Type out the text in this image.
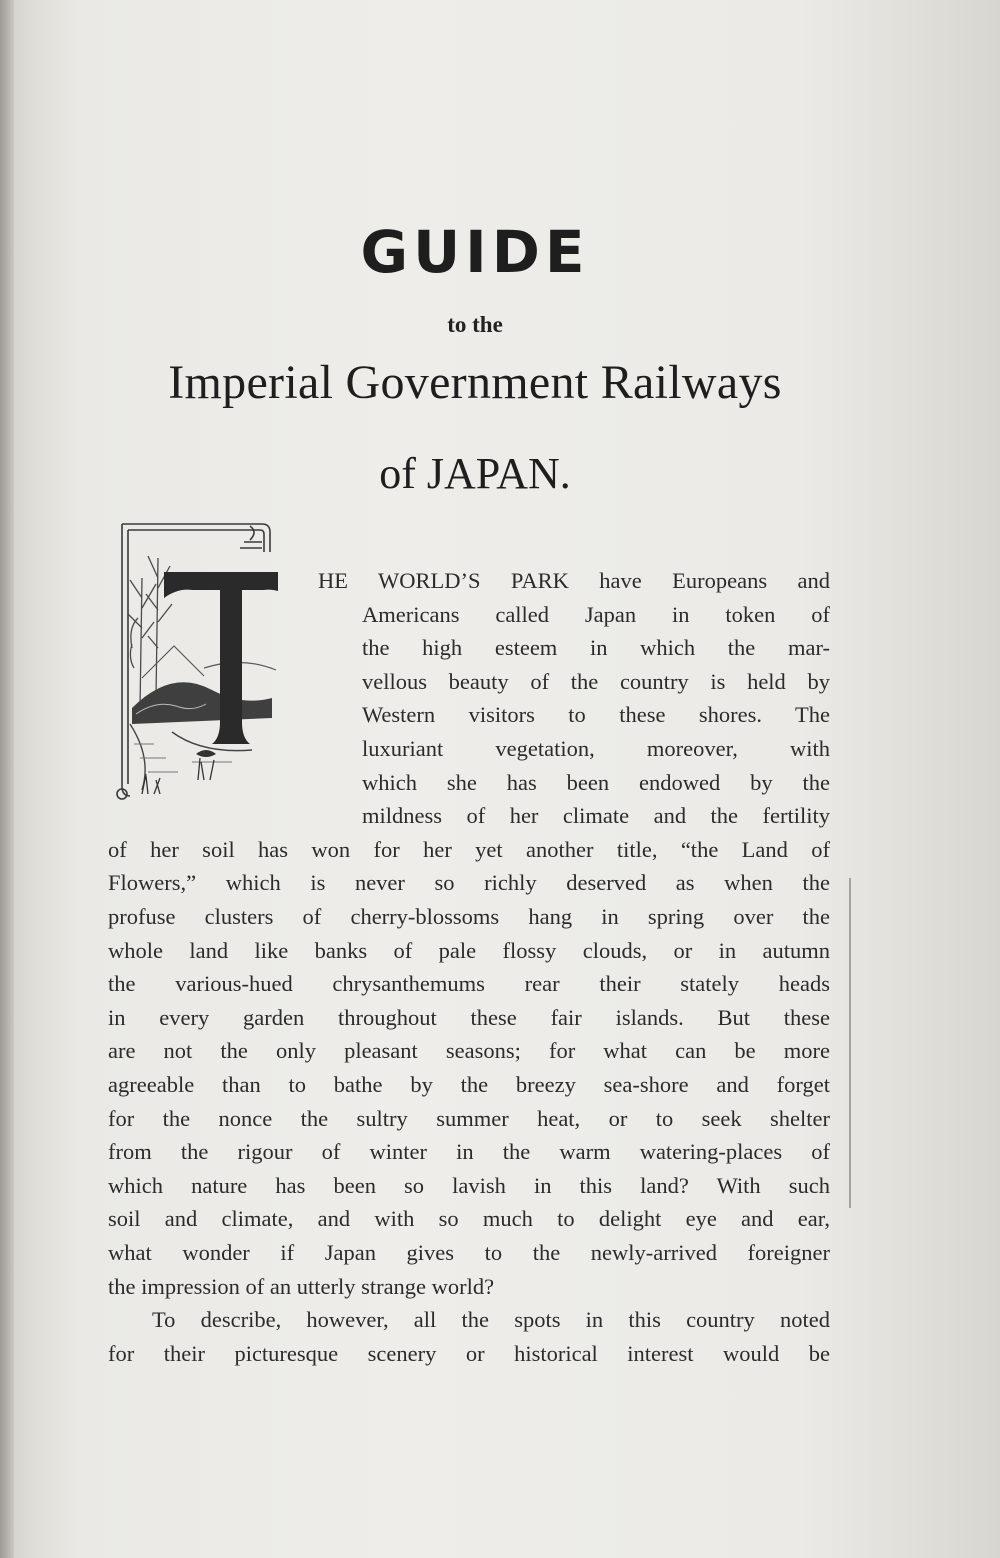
GUIDE
to the
Imperial Government Railways
of JAPAN.
T
HE WORLD’S PARK have Europeans and
Americans called Japan in token of
the high esteem in which the mar-
vellous beauty of the country is held by
Western visitors to these shores. The
luxuriant vegetation, moreover, with
which she has been endowed by the
mildness of her climate and the fertility
of her soil has won for her yet another title, “the Land of
Flowers,” which is never so richly deserved as when the
profuse clusters of cherry-blossoms hang in spring over the
whole land like banks of pale flossy clouds, or in autumn
the various-hued chrysanthemums rear their stately heads
in every garden throughout these fair islands. But these
are not the only pleasant seasons; for what can be more
agreeable than to bathe by the breezy sea-shore and forget
for the nonce the sultry summer heat, or to seek shelter
from the rigour of winter in the warm watering-places of
which nature has been so lavish in this land? With such
soil and climate, and with so much to delight eye and ear,
what wonder if Japan gives to the newly-arrived foreigner
the impression of an utterly strange world?
To describe, however, all the spots in this country noted
for their picturesque scenery or historical interest would be
